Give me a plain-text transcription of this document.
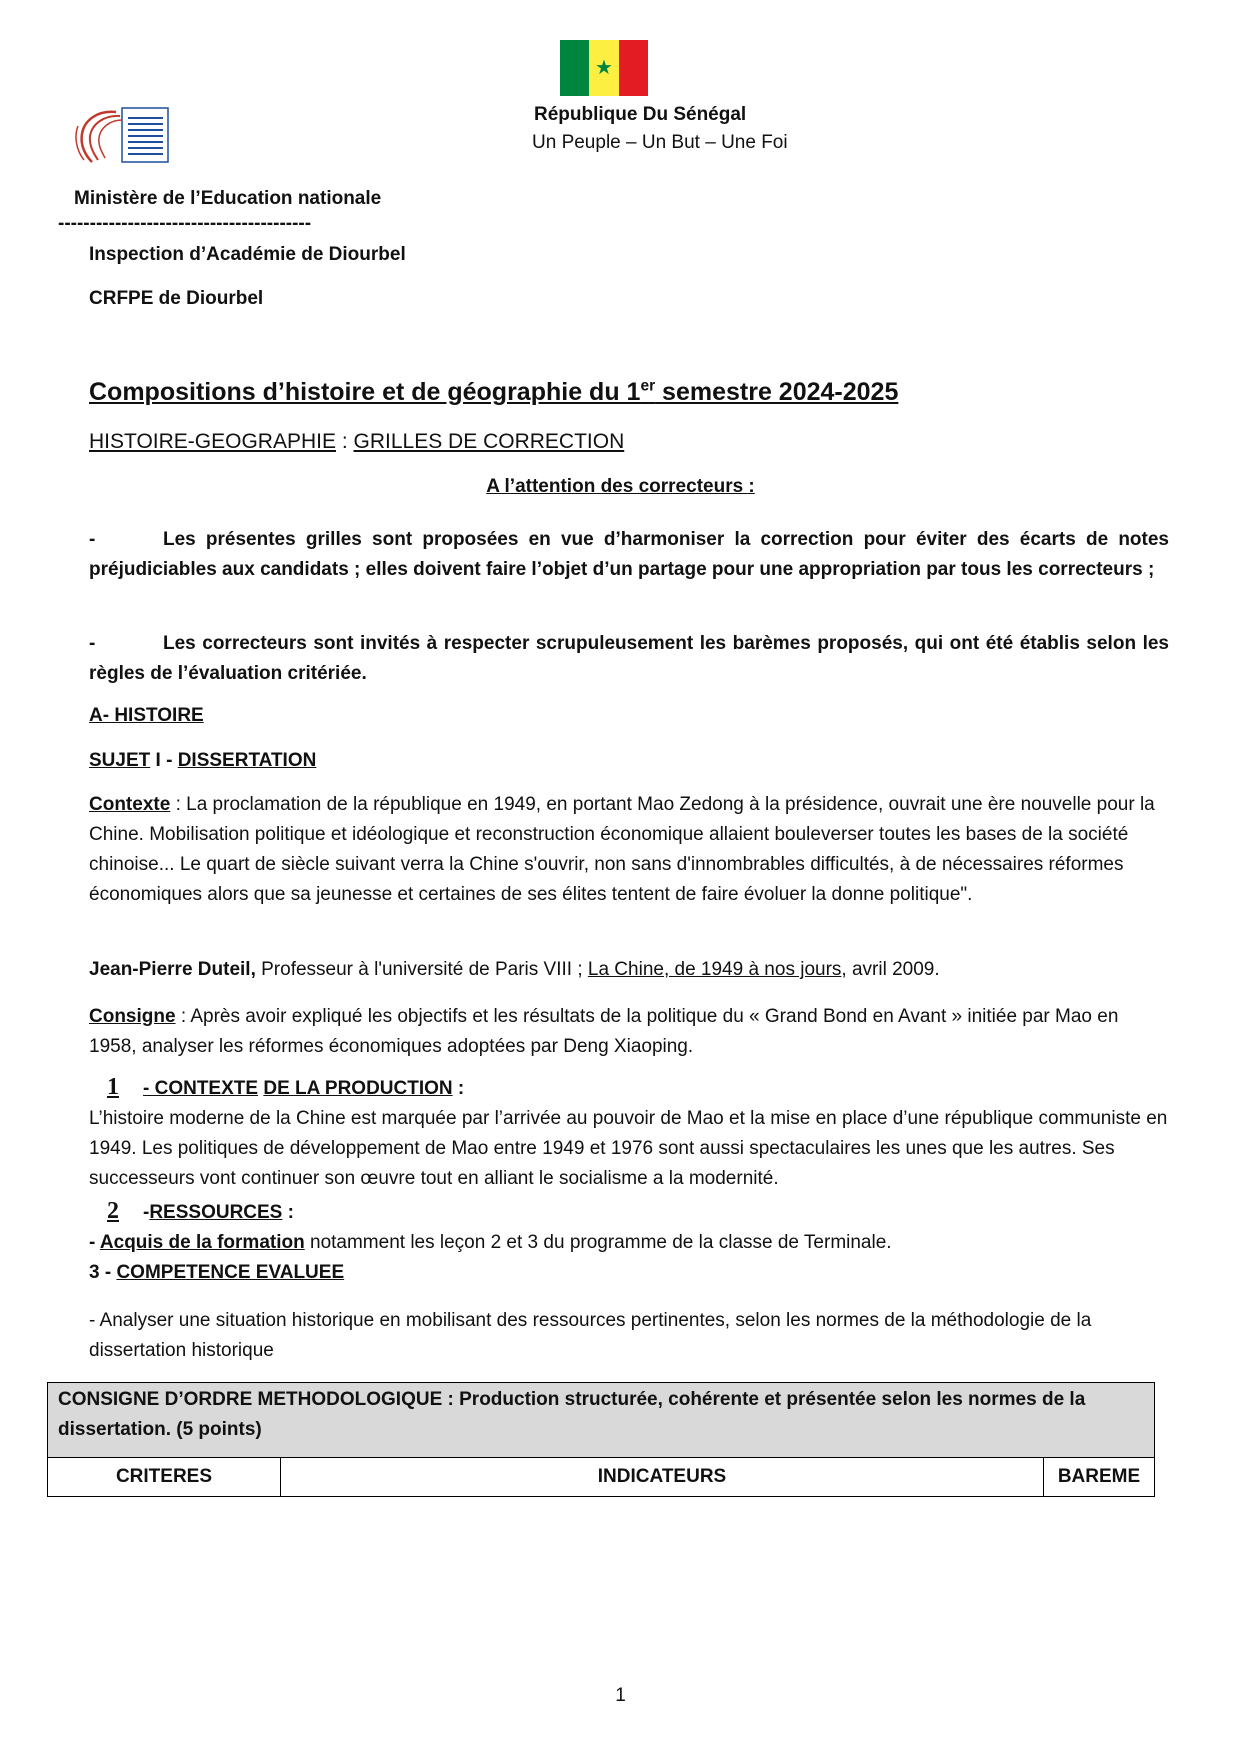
★
République Du Sénégal
Un Peuple – Un But – Une Foi
Ministère de l’Education nationale
----------------------------------------
Inspection d’Académie de Diourbel
CRFPE de Diourbel
Compositions d’histoire et de géographie du 1er semestre 2024-2025
HISTOIRE-GEOGRAPHIE : GRILLES DE CORRECTION
A l’attention des correcteurs :
-	Les présentes grilles sont proposées en vue d’harmoniser la correction pour éviter des écarts de notes préjudiciables aux candidats ; elles doivent faire l’objet d’un partage pour une appropriation par tous les correcteurs ;
-	Les correcteurs sont invités à respecter scrupuleusement les barèmes proposés, qui ont été établis selon les règles de l’évaluation critériée.
A- HISTOIRE
SUJET I - DISSERTATION
Contexte : La proclamation de la république en 1949, en portant Mao Zedong à la présidence, ouvrait une ère nouvelle pour la Chine. Mobilisation politique et idéologique et reconstruction économique allaient bouleverser toutes les bases de la société chinoise... Le quart de siècle suivant verra la Chine s'ouvrir, non sans d'innombrables difficultés, à de nécessaires réformes économiques alors que sa jeunesse et certaines de ses élites tentent de faire évoluer la donne politique".
Jean-Pierre Duteil, Professeur à l'université de Paris VIII ; La Chine, de 1949 à nos jours, avril 2009.
Consigne : Après avoir expliqué les objectifs et les résultats de la politique du « Grand Bond en Avant » initiée par Mao en 1958, analyser les réformes économiques adoptées par Deng Xiaoping.
1 - CONTEXTE DE LA PRODUCTION :
L’histoire moderne de la Chine est marquée par l’arrivée au pouvoir de Mao et la mise en place d’une république communiste en 1949. Les politiques de développement de Mao entre 1949 et 1976 sont aussi spectaculaires les unes que les autres. Ses successeurs vont continuer son œuvre tout en alliant le socialisme a la modernité.
2 -RESSOURCES :
- Acquis de la formation notamment les leçon 2 et 3 du programme de la classe de Terminale.
3 - COMPETENCE EVALUEE
- Analyser une situation historique en mobilisant des ressources pertinentes, selon les normes de la méthodologie de la dissertation historique
CONSIGNE D’ORDRE METHODOLOGIQUE : Production structurée, cohérente et présentée selon les normes de la dissertation. (5 points)
CRITERES	INDICATEURS	BAREME
1
